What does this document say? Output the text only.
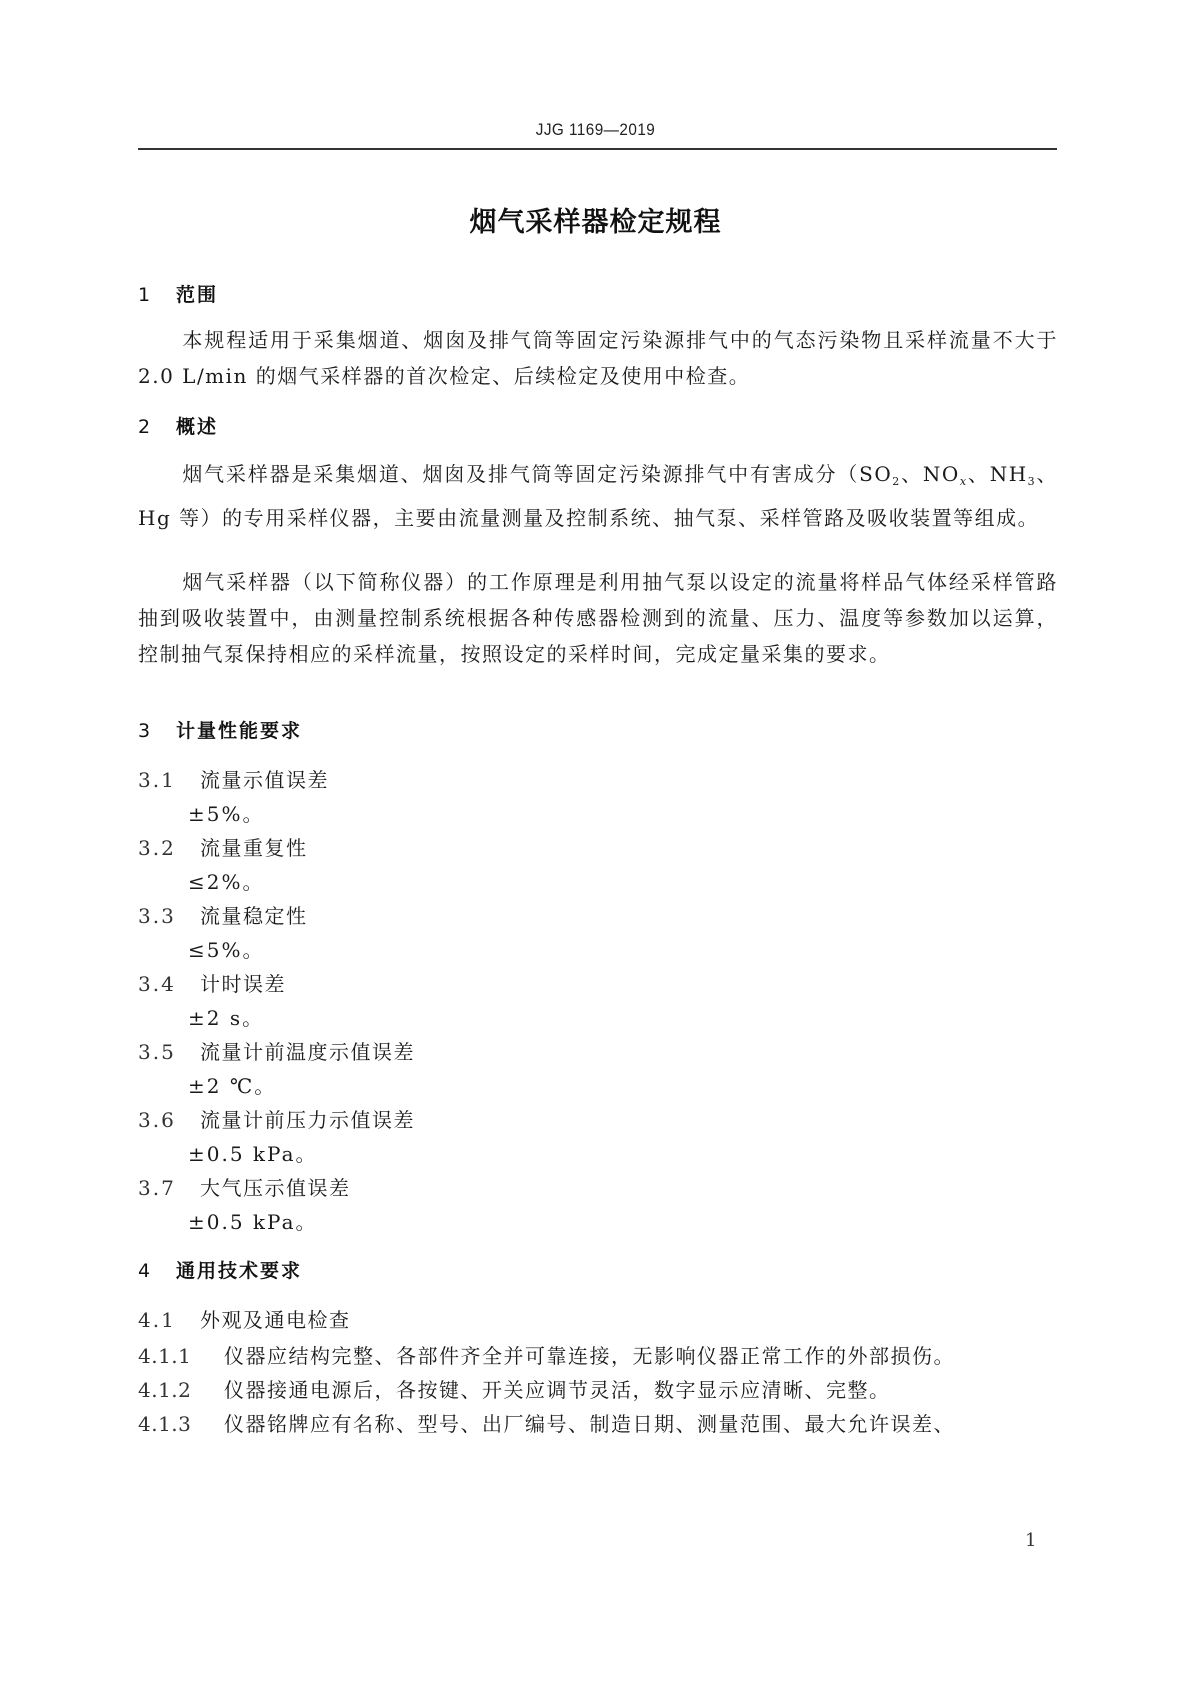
JJG 1169—2019
烟气采样器检定规程
1 范围
本规程适用于采集烟道、烟囱及排气筒等固定污染源排气中的气态污染物且采样流量不大于 2.0 L/min 的烟气采样器的首次检定、后续检定及使用中检查。
2 概述
烟气采样器是采集烟道、烟囱及排气筒等固定污染源排气中有害成分（$SO_2$、$NO_x$、$NH_3$、Hg 等）的专用采样仪器，主要由流量测量及控制系统、抽气泵、采样管路及吸收装置等组成。
烟气采样器（以下简称仪器）的工作原理是利用抽气泵以设定的流量将样品气体经采样管路抽到吸收装置中，由测量控制系统根据各种传感器检测到的流量、压力、温度等参数加以运算，控制抽气泵保持相应的采样流量，按照设定的采样时间，完成定量采集的要求。
3 计量性能要求
3.1 流量示值误差
±5%。
3.2 流量重复性
≤2%。
3.3 流量稳定性
≤5%。
3.4 计时误差
±2 s。
3.5 流量计前温度示值误差
±2 ℃。
3.6 流量计前压力示值误差
±0.5 kPa。
3.7 大气压示值误差
±0.5 kPa。
4 通用技术要求
4.1 外观及通电检查
4.1.1 仪器应结构完整、各部件齐全并可靠连接，无影响仪器正常工作的外部损伤。
4.1.2 仪器接通电源后，各按键、开关应调节灵活，数字显示应清晰、完整。
4.1.3 仪器铭牌应有名称、型号、出厂编号、制造日期、测量范围、最大允许误差、
1
